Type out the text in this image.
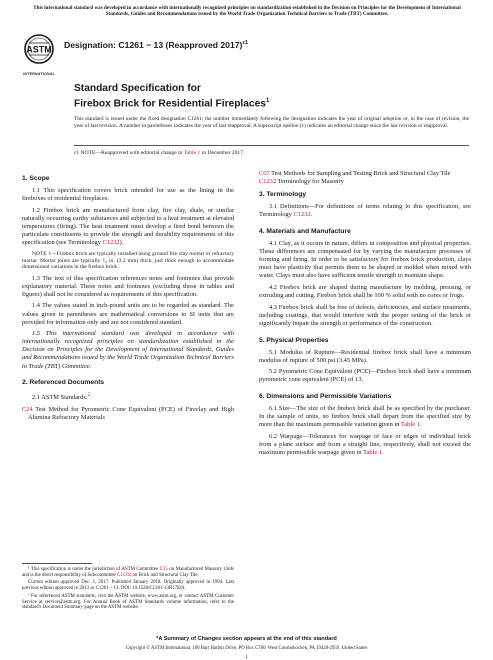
This international standard was developed in accordance with internationally recognized principles on standardization established in the Decision on Principles for the Development of International Standards, Guides and Recommendations issued by the World Trade Organization Technical Barriers to Trade (TBT) Committee.
ASTM
INTERNATIONAL
Designation: C1261 − 13 (Reapproved 2017)$^{\varepsilon 1}$
Standard Specification for
Firebox Brick for Residential Fireplaces$^1$
This standard is issued under the fixed designation C1261; the number immediately following the designation indicates the year of original adoption or, in the case of revision, the year of last revision. A number in parentheses indicates the year of last reapproval. A superscript epsilon (ε) indicates an editorial change since the last revision or reapproval.
ε1 NOTE—Reapproved with editorial change in Table 1 in December 2017.
1. Scope

1.1 This specification covers brick intended for use as the lining in the fireboxes of residential fireplaces.

1.2 Firebox brick are manufactured from clay, fire clay, shale, or similar naturally occurring earthy substances and subjected to a heat treatment at elevated temperatures (firing). The heat treatment must develop a fired bond between the particulate constituents to provide the strength and durability requirements of this specification (see Terminology C1232).

NOTE 1—Firebox brick are typically installed using ground fire clay mortar or refractory mortar. Mortar joints are typically ¹⁄₈ in. (3.2 mm) thick, just thick enough to accommodate dimensional variations in the firebox brick.

1.3 The text of this specification references notes and footnotes that provide explanatory material. These notes and footnotes (excluding those in tables and figures) shall not be considered as requirements of this specification.

1.4 The values stated in inch-pound units are to be regarded as standard. The values given in parentheses are mathematical conversions to SI units that are provided for information only and are not considered standard.

1.5 This international standard was developed in accordance with internationally recognized principles on standardization established in the Decision on Principles for the Development of International Standards, Guides and Recommendations issued by the World Trade Organization Technical Barriers to Trade (TBT) Committee.

2. Referenced Documents

2.1 ASTM Standards:$^2$

C24 Test Method for Pyrometric Cone Equivalent (PCE) of Fireclay and High Alumina Refractory Materials

C67 Test Methods for Sampling and Testing Brick and Structural Clay Tile

C1232 Terminology for Masonry

3. Terminology

3.1 Definitions—For definitions of terms relating to this specification, see Terminology C1232.

4. Materials and Manufacture

4.1 Clay, as it occurs in nature, differs in composition and physical properties. These differences are compensated for by varying the manufacture processes of forming and firing. In order to be satisfactory for firebox brick production, clays must have plasticity that permits them to be shaped or molded when mixed with water. Clays must also have sufficient tensile strength to maintain shape.

4.2 Firebox brick are shaped during manufacture by molding, pressing, or extruding and cutting. Firebox brick shall be 100 % solid with no cores or frogs.

4.3 Firebox brick shall be free of defects, deficiencies, and surface treatments, including coatings, that would interfere with the proper setting of the brick or significantly impair the strength or performance of the construction.

5. Physical Properties

5.1 Modulus of Rupture—Residential firebox brick shall have a minimum modulus of rupture of 500 psi (3.45 MPa).

5.2 Pyrometric Cone Equivalent (PCE)—Firebox brick shall have a minimum pyrometric cone equivalent (PCE) of 13.

6. Dimensions and Permissible Variations

6.1 Size—The size of the firebox brick shall be as specified by the purchaser. In the sample of units, no firebox brick shall depart from the specified size by more than the maximum permissible variation given in Table 1.

6.2 Warpage—Tolerances for warpage of face or edges of individual brick from a plane surface and from a straight line, respectively, shall not exceed the maximum permissible warpage given in Table 1.

¹ This specification is under the jurisdiction of ASTM Committee C15 on Manufactured Masonry Units and is the direct responsibility of Subcommittee C15.02 on Brick and Structural Clay Tile.

Current edition approved Dec. 1, 2017. Published January 2018. Originally approved in 1994. Last previous edition approved in 2013 as C1261 – 13. DOI: 10.1520/C1261-13R17E01.

² For referenced ASTM standards, visit the ASTM website, www.astm.org, or contact ASTM Customer Service at service@astm.org. For Annual Book of ASTM Standards volume information, refer to the standard's Document Summary page on the ASTM website.

*A Summary of Changes section appears at the end of this standard
Copyright © ASTM International, 100 Barr Harbor Drive, PO Box C700, West Conshohocken, PA 19428-2959. United States
1
